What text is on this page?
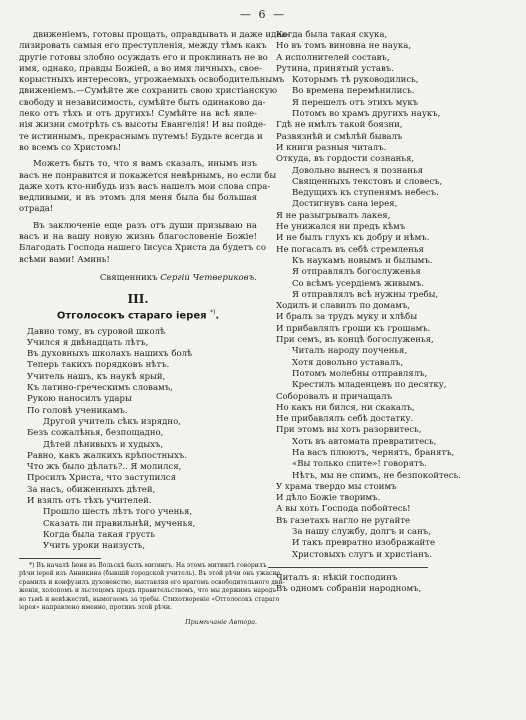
— 6 —
движенiемъ, готовы прощать, оправдывать и даже идеа-
лизировать самыя его преступленiя, между тѣмъ какъ
другiе готовы злобно осуждать его и проклинать не во
имя, однако, правды Божiей, а во имя личныхъ, свое-
корыстныхъ интересовъ, угрожаемыхъ освободительнымъ
движенiемъ.—Сумѣйте же сохранить свою христiанскую
свободу и независимость, сумѣйте быть одинаково да-
леко отъ тѣхъ и отъ другихъ! Сумѣйте на всѣ явле-
нiя жизни смотрѣть съ высоты Евангелiя! И вы пойде-
те истиннымъ, прекраснымъ путемъ! Будьте всегда и
во всемъ со Христомъ!
Можетъ быть то, что я вамъ сказалъ, инымъ изъ
васъ не понравится и покажется невѣрнымъ, но если бы
даже хоть кто-нибудь изъ васъ нашелъ мои слова спра-
ведливыми, и въ этомъ для меня была бы большая
отрада!
Въ заключенiе еще разъ отъ души призываю на
васъ и на вашу новую жизнь благословенiе Божiе!
Благодать Господа нашего Iисуса Христа да будетъ со
всѣми вами! Аминь!
Священникъ Сергiй Четвериковъ.
III.
Отголосокъ стараго iерея *).
Давно тому, въ суровой школѣ
Учился я двѣнадцать лѣтъ,
Въ духовныхъ школахъ нашихъ болѣ
Теперь такихъ порядковъ нѣтъ.
Учитель нашъ, къ наукѣ ярый,
Къ латино-греческимъ словамъ,
Рукою наносилъ удары
По головѣ ученикамъ.
Другой учитель сѣкъ изрядно,
Безъ сожалѣнья, безпощадно,
Дѣтей лѣнивыхъ и худыхъ,
Равно, какъ жалкихъ крѣпостныхъ.
Что жъ было дѣлать?.. Я молился,
Просилъ Христа, что заступился
За насъ, обиженныхъ дѣтей,
И взялъ отъ тѣхъ учителей.
Прошло шесть лѣтъ того ученья,
Сказать ли правильнѣй, мученья,
Когда была такая грусть
Учить уроки наизусть,
*) Въ началѣ Iюня въ Вольскѣ былъ митингъ. На этомъ митингѣ говорилъ
рѣчи iерей изъ Анникина (бывшiй городской учитель). Въ этой рѣчи онъ ужасно
срамилъ и конфузилъ духовенство, выставляя его врагомъ освободительного дви-
женiя, холопомъ и льстецомъ предъ правительствомъ, что мы держимъ народъ
во тьмѣ и невѣжествѣ, вымогаемъ за требы. Стихотворенiе «Отголосокъ стараго
iерея» направлено именно, противъ этой рѣчи.
Примѣчанiе Автора.
Когда была такая скука,
Но въ томъ виновна не наука,
А исполнителей составъ,
Рутина, принятый уставъ.
Которымъ тѣ руководились,
Во времена перемѣнились.
Я перешелъ отъ этихъ мукъ
Потомъ во храмъ другихъ наукъ,
Гдѣ не имѣлъ такой боязни,
Развязнѣй и смѣлѣй бывалъ
И книги разныя читалъ.
Откуда, въ гордости сознанья,
Довольно вынесъ я познанья
Священныхъ текстовъ и словесъ,
Ведущихъ къ ступенямъ небесъ.
Достигнувъ сана iерея,
Я не разыгрывалъ лакея,
Не унижался ни предъ кѣмъ
И не былъ глухъ къ добру и нѣмъ.
Не погасалъ въ себѣ стремленья
Къ наукамъ новымъ и былымъ.
Я отправлялъ богослуженья
Со всѣмъ усердiемъ живымъ.
Я отправлялъ всѣ нужны требы,
Ходилъ и славилъ по домамъ,
И бралъ за трудъ муку и хлѣбы
И прибавлялъ гроши къ грошамъ.
При семъ, въ концѣ богослуженья,
Читалъ народу поученья,
Хотя довольно уставалъ,
Потомъ молебны отправлялъ,
Крестилъ младенцевъ по десятку,
Соборовалъ и причащалъ
Но какъ ни бился, ни скакалъ,
Не прибавлялъ себѣ достатку.
При этомъ вы хоть разорвитесь,
Хоть въ автомата превратитесь,
На васъ плюютъ, чернятъ, бранятъ,
«Вы только спите»! говорятъ.
Нѣтъ, мы не спимъ, не безпокойтесь.
У храма твердо мы стоимъ
И дѣло Божiе творимъ.
А вы хоть Господа побойтесь!
Въ газетахъ нагло не ругайте
За нашу службу, долгъ и санъ,
И такъ превратно изображайте
Христовыхъ слугъ и христiанъ.
Читалъ я: нѣкiй господинъ
Въ одномъ собранiи народномъ,
